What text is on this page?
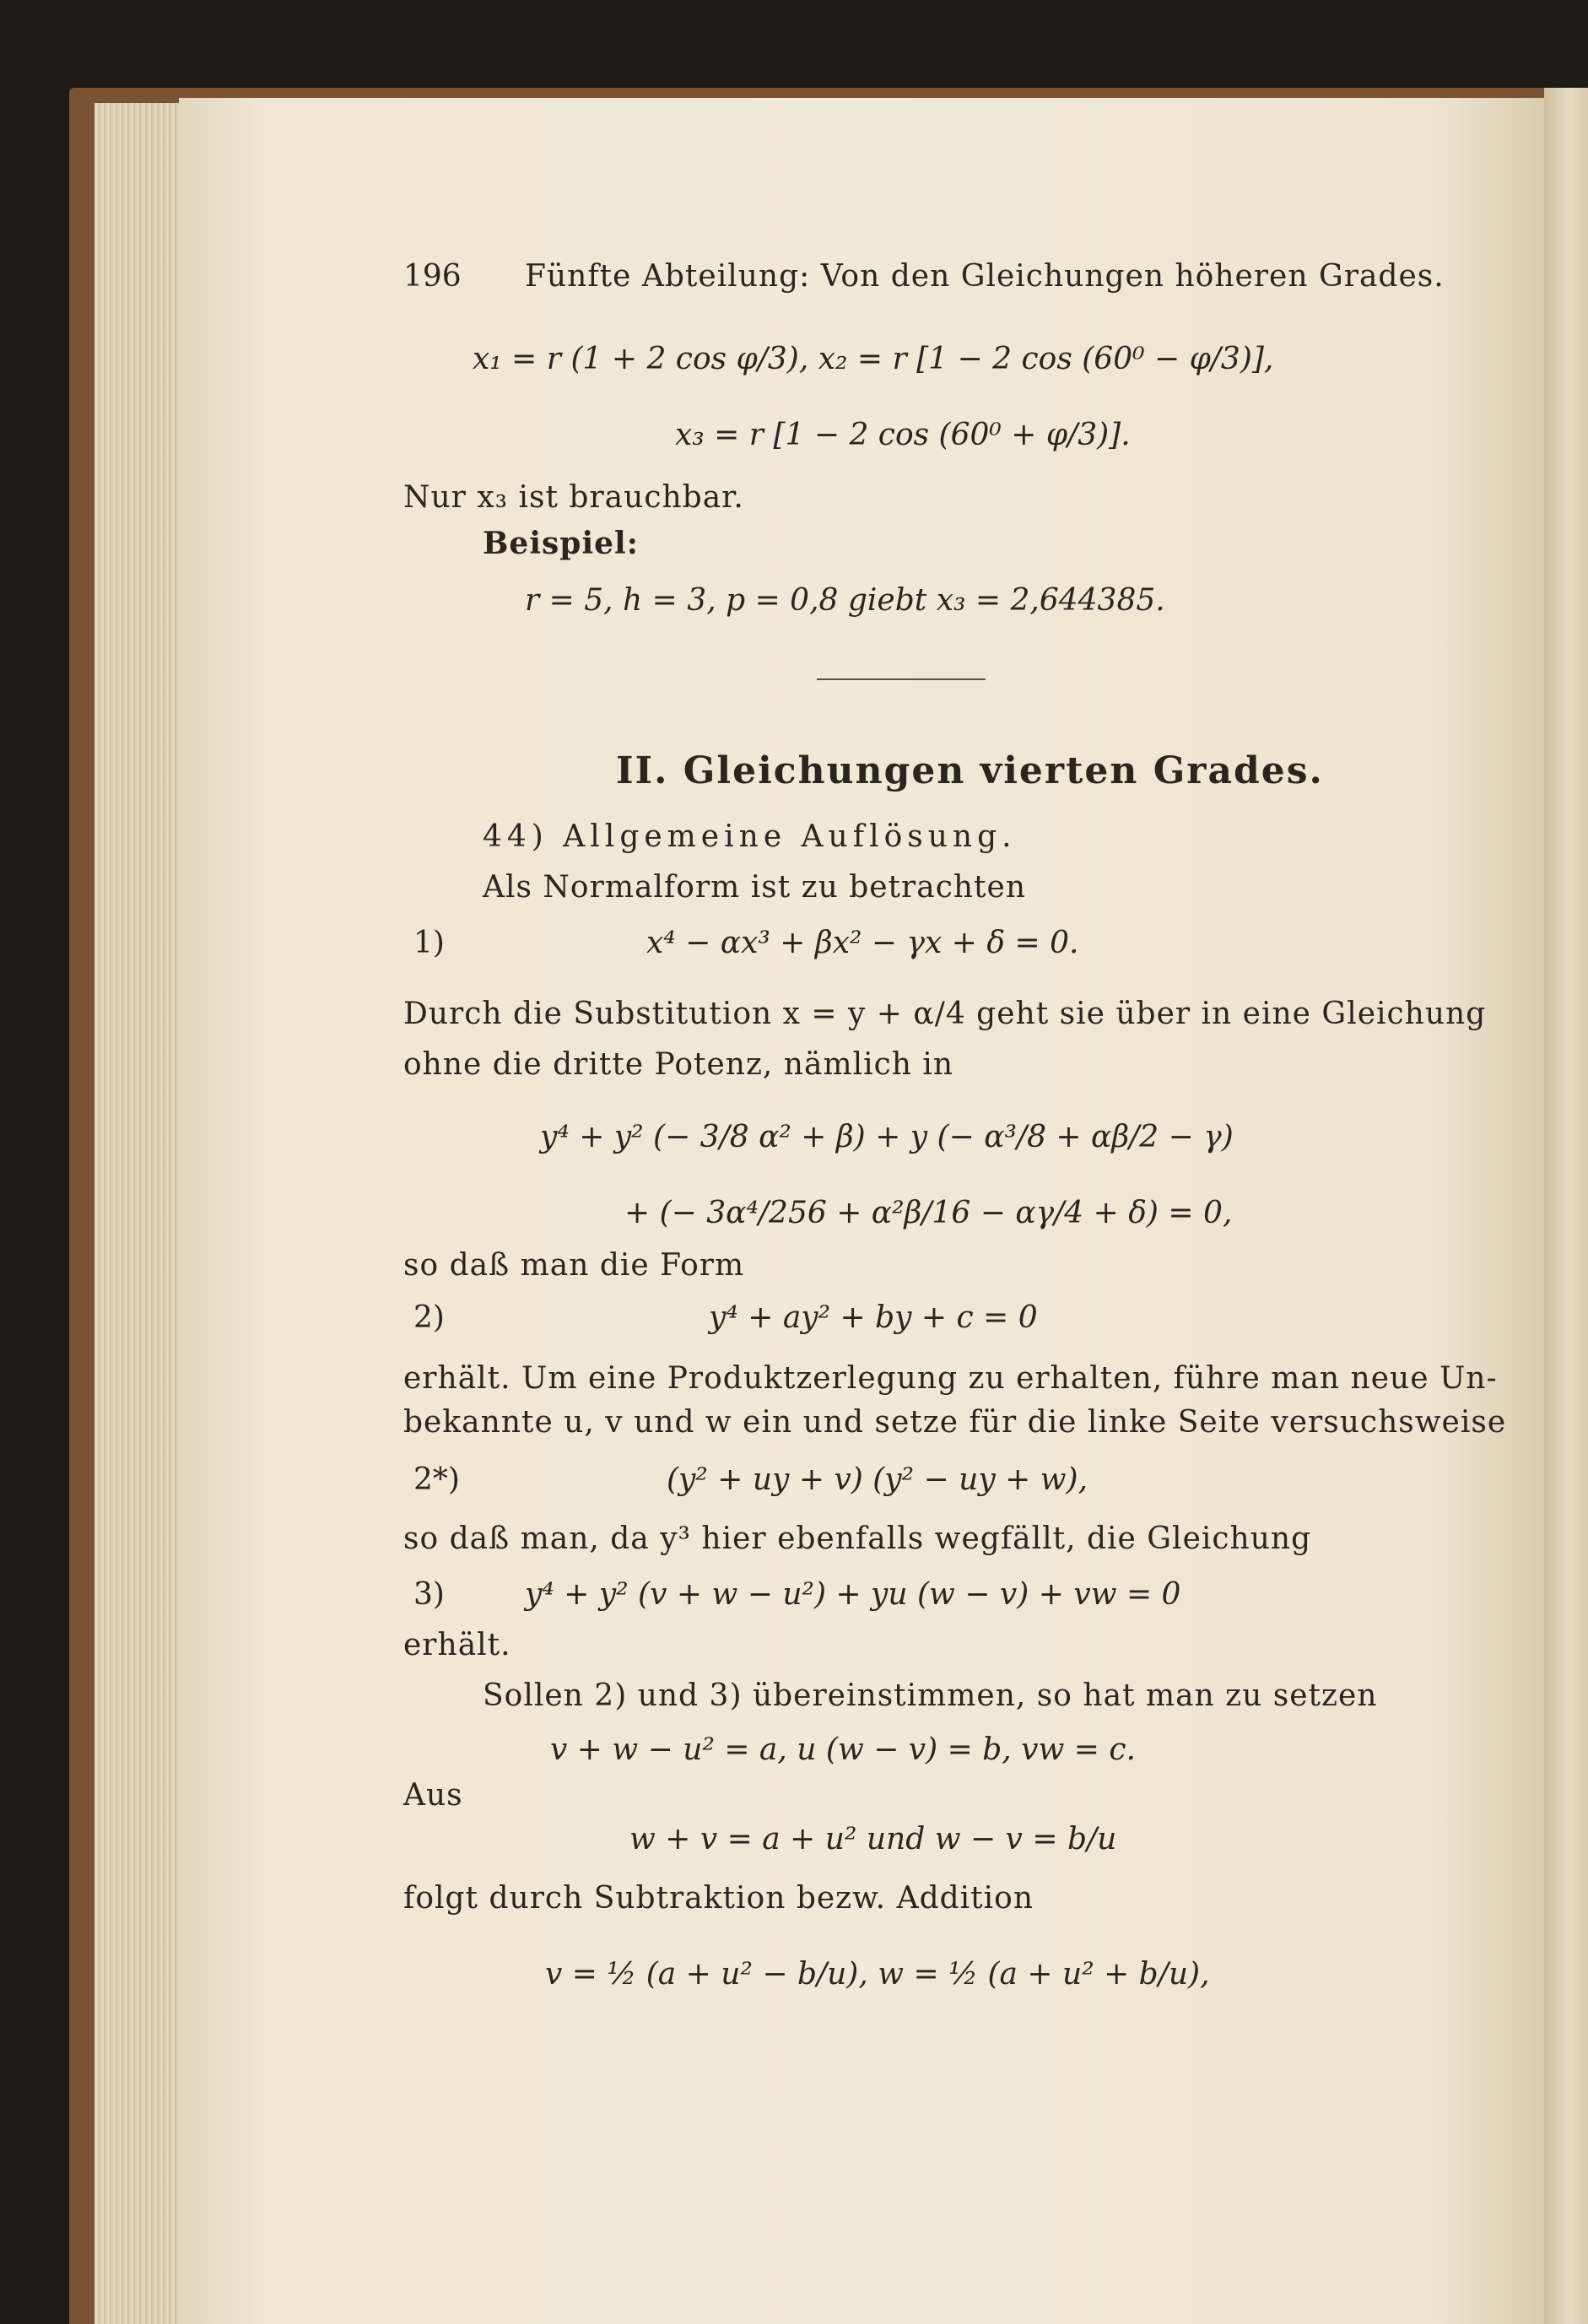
196 Fünfte Abteilung: Von den Gleichungen höheren Grades.
x₁ = r (1 + 2 cos φ/3), x₂ = r [1 − 2 cos (60⁰ − φ/3)],
x₃ = r [1 − 2 cos (60⁰ + φ/3)].
Nur x₃ ist brauchbar.
Beispiel:
r = 5, h = 3, p = 0,8 giebt x₃ = 2,644385.
II. Gleichungen vierten Grades.
44) Allgemeine Auflösung.
Als Normalform ist zu betrachten
1)	x⁴ − αx³ + βx² − γx + δ = 0.
Durch die Substitution x = y + α/4 geht sie über in eine Gleichung
ohne die dritte Potenz, nämlich in
y⁴ + y² (− 3/8 α² + β) + y (− α³/8 + αβ/2 − γ)
+ (− 3α⁴/256 + α²β/16 − αγ/4 + δ) = 0,
so daß man die Form
2)	y⁴ + ay² + by + c = 0
erhält. Um eine Produktzerlegung zu erhalten, führe man neue Un-
bekannte u, v und w ein und setze für die linke Seite versuchsweise
2*)	(y² + uy + v) (y² − uy + w),
so daß man, da y³ hier ebenfalls wegfällt, die Gleichung
3)	y⁴ + y² (v + w − u²) + yu (w − v) + vw = 0
erhält.
Sollen 2) und 3) übereinstimmen, so hat man zu setzen
v + w − u² = a, u (w − v) = b, vw = c.
Aus
w + v = a + u² und w − v = b/u
folgt durch Subtraktion bezw. Addition
v = ½ (a + u² − b/u), w = ½ (a + u² + b/u),
